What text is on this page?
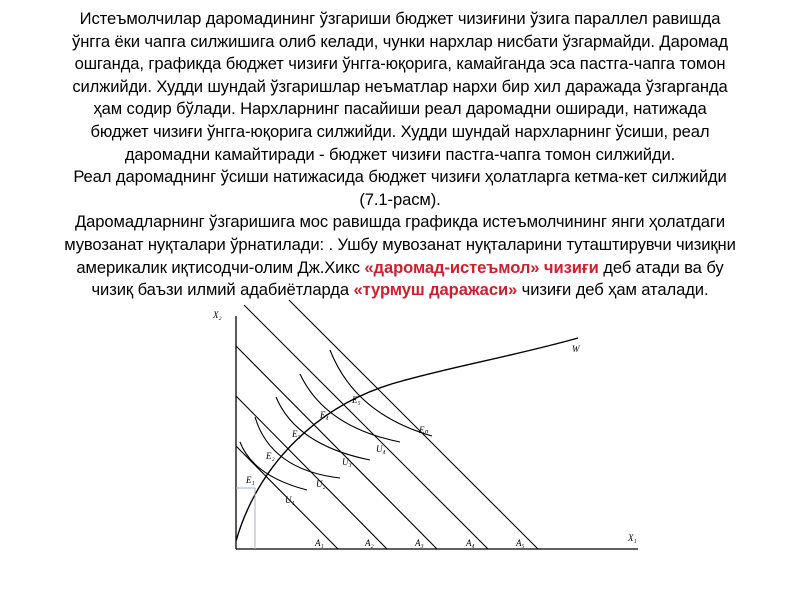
Истеъмолчилар даромадининг ўзгариши бюджет чизиғини ўзига параллел равишда
ўнгга ёки чапга силжишига олиб келади, чунки нархлар нисбати ўзгармайди. Даромад
ошганда, графикда бюджет чизиғи ўнгга-юқорига, камайганда эса пастга-чапга томон
силжийди. Худди шундай ўзгаришлар неъматлар нархи бир хил даражада ўзгарганда
ҳам содир бўлади. Нархларнинг пасайиши реал даромадни оширади, натижада
бюджет чизиғи ўнгга-юқорига силжийди. Худди шундай нархларнинг ўсиши, реал
даромадни камайтиради - бюджет чизиғи пастга-чапга томон силжийди.
Реал даромаднинг ўсиши натижасида бюджет чизиғи ҳолатларга кетма-кет силжийди
(7.1-расм).
Даромадларнинг ўзгаришига мос равишда графикда истеъмолчининг янги ҳолатдаги
мувозанат нуқталари ўрнатилади: . Ушбу мувозанат нуқталарини туташтирувчи чизиқни
америкалик иқтисодчи-олим Дж.Хикс «даромад-истеъмол» чизиғи деб атади ва бу
чизиқ баъзи илмий адабиётларда «турмуш даражаси» чизиғи деб ҳам аталади.
X₂
X₁
W
E₁
E₂
E₃
E₄
E₅
U₁
U₂
U₃
U₄
Eₙ
A₁	A₂	A₃	A₄	A₅
